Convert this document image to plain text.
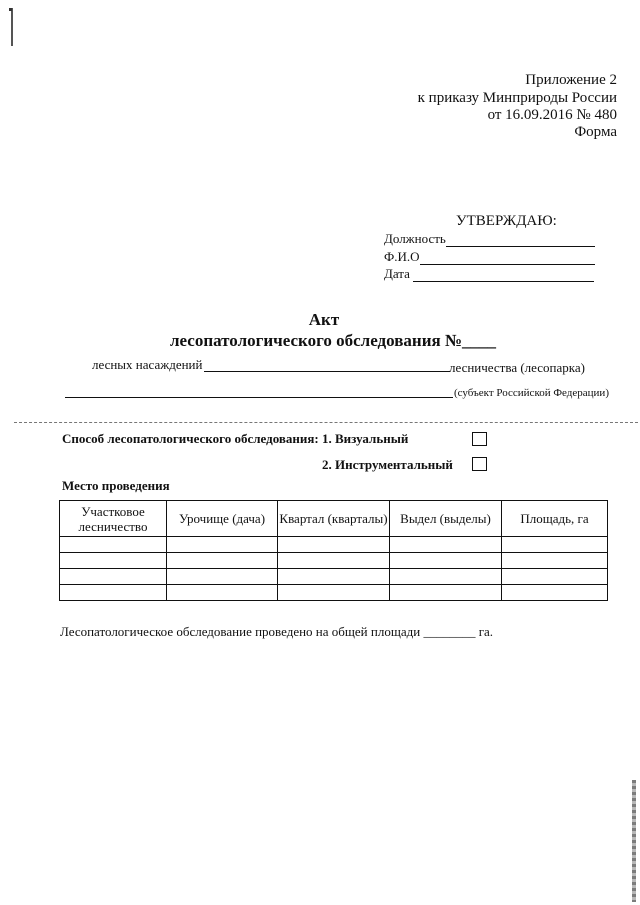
Приложение 2
к приказу Минприроды России
от 16.09.2016 № 480
Форма
УТВЕРЖДАЮ:
Должность
Ф.И.О
Дата
Акт
лесопатологического обследования №____
лесных насаждений	лесничества (лесопарка)
(субъект Российской Федерации)
Способ лесопатологического обследования: 1. Визуальный
2. Инструментальный
Место проведения
Участковое лесничество	Урочище (дача)	Квартал (кварталы)	Выдел (выделы)	Площадь, га

Лесопатологическое обследование проведено на общей площади ________ га.
